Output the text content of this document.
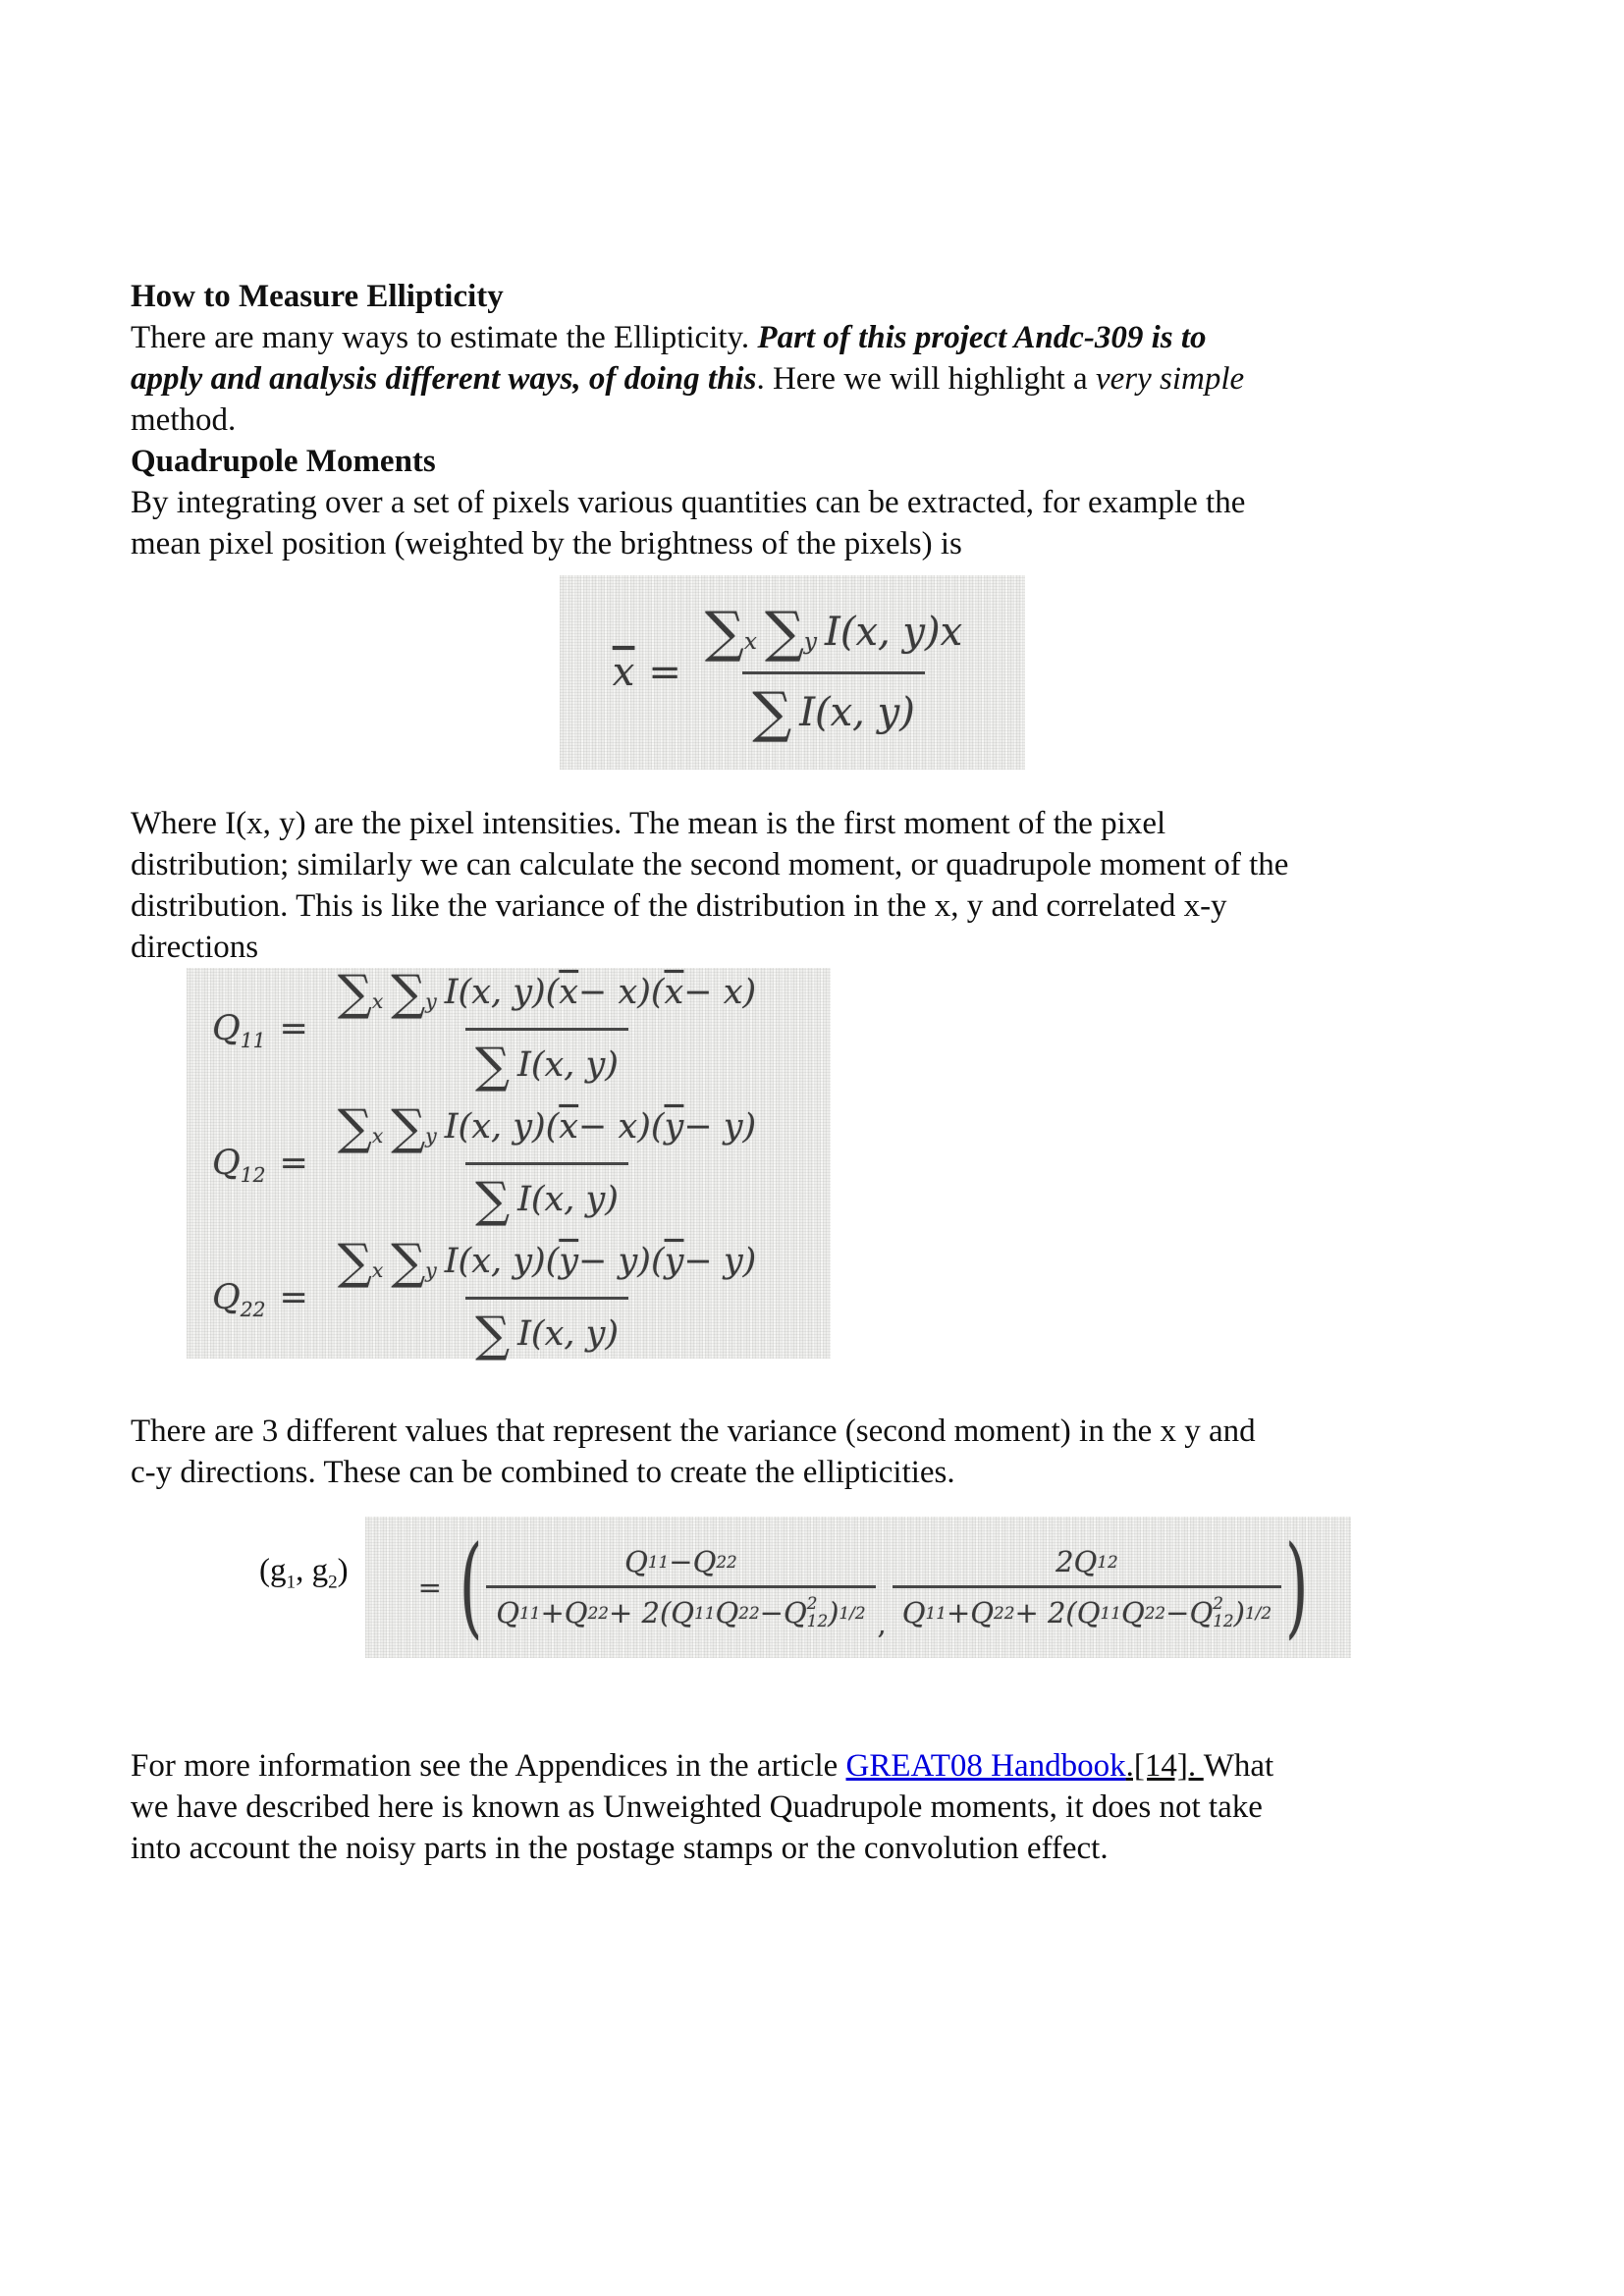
How to Measure Ellipticity
There are many ways to estimate the Ellipticity. Part of this project Andc-309 is to
apply and analysis different ways, of doing this. Here we will highlight a very simple
method.
Quadrupole Moments
By integrating over a set of pixels various quantities can be extracted, for example the
mean pixel position (weighted by the brightness of the pixels) is
$\overline{x} = \frac{\sum_x \sum_y I(x, y)x}{\sum I(x, y)}$
Where I(x, y) are the pixel intensities. The mean is the first moment of the pixel
distribution; similarly we can calculate the second moment, or quadrupole moment of the
distribution. This is like the variance of the distribution in the x, y and correlated x-y
directions
$Q_{11} = \frac{\sum_x \sum_y I(x, y)( \overline{x} - x)( \overline{x} - x)}{\sum I(x, y)}$
$Q_{12} = \frac{\sum_x \sum_y I(x, y)( \overline{x} - x)( \overline{y} - y)}{\sum I(x, y)}$
$Q_{22} = \frac{\sum_x \sum_y I(x, y)( \overline{y} - y)( \overline{y} - y)}{\sum I(x, y)}$
There are 3 different values that represent the variance (second moment) in the x y and
c-y directions. These can be combined to create the ellipticities.
($g_1$, $g_2$) = ( Q 11 − Q 22
Q 11 + Q 22 + 2( Q 11 Q 22 − Q 2
12 ) 1/2 , 2 Q 12
Q 11 + Q 22 + 2( Q 11 Q 22 − Q 2
12 ) 1/2 )
For more information see the Appendices in the article GREAT08 Handbook.[14]. What
we have described here is known as Unweighted Quadrupole moments, it does not take
into account the noisy parts in the postage stamps or the convolution effect.
